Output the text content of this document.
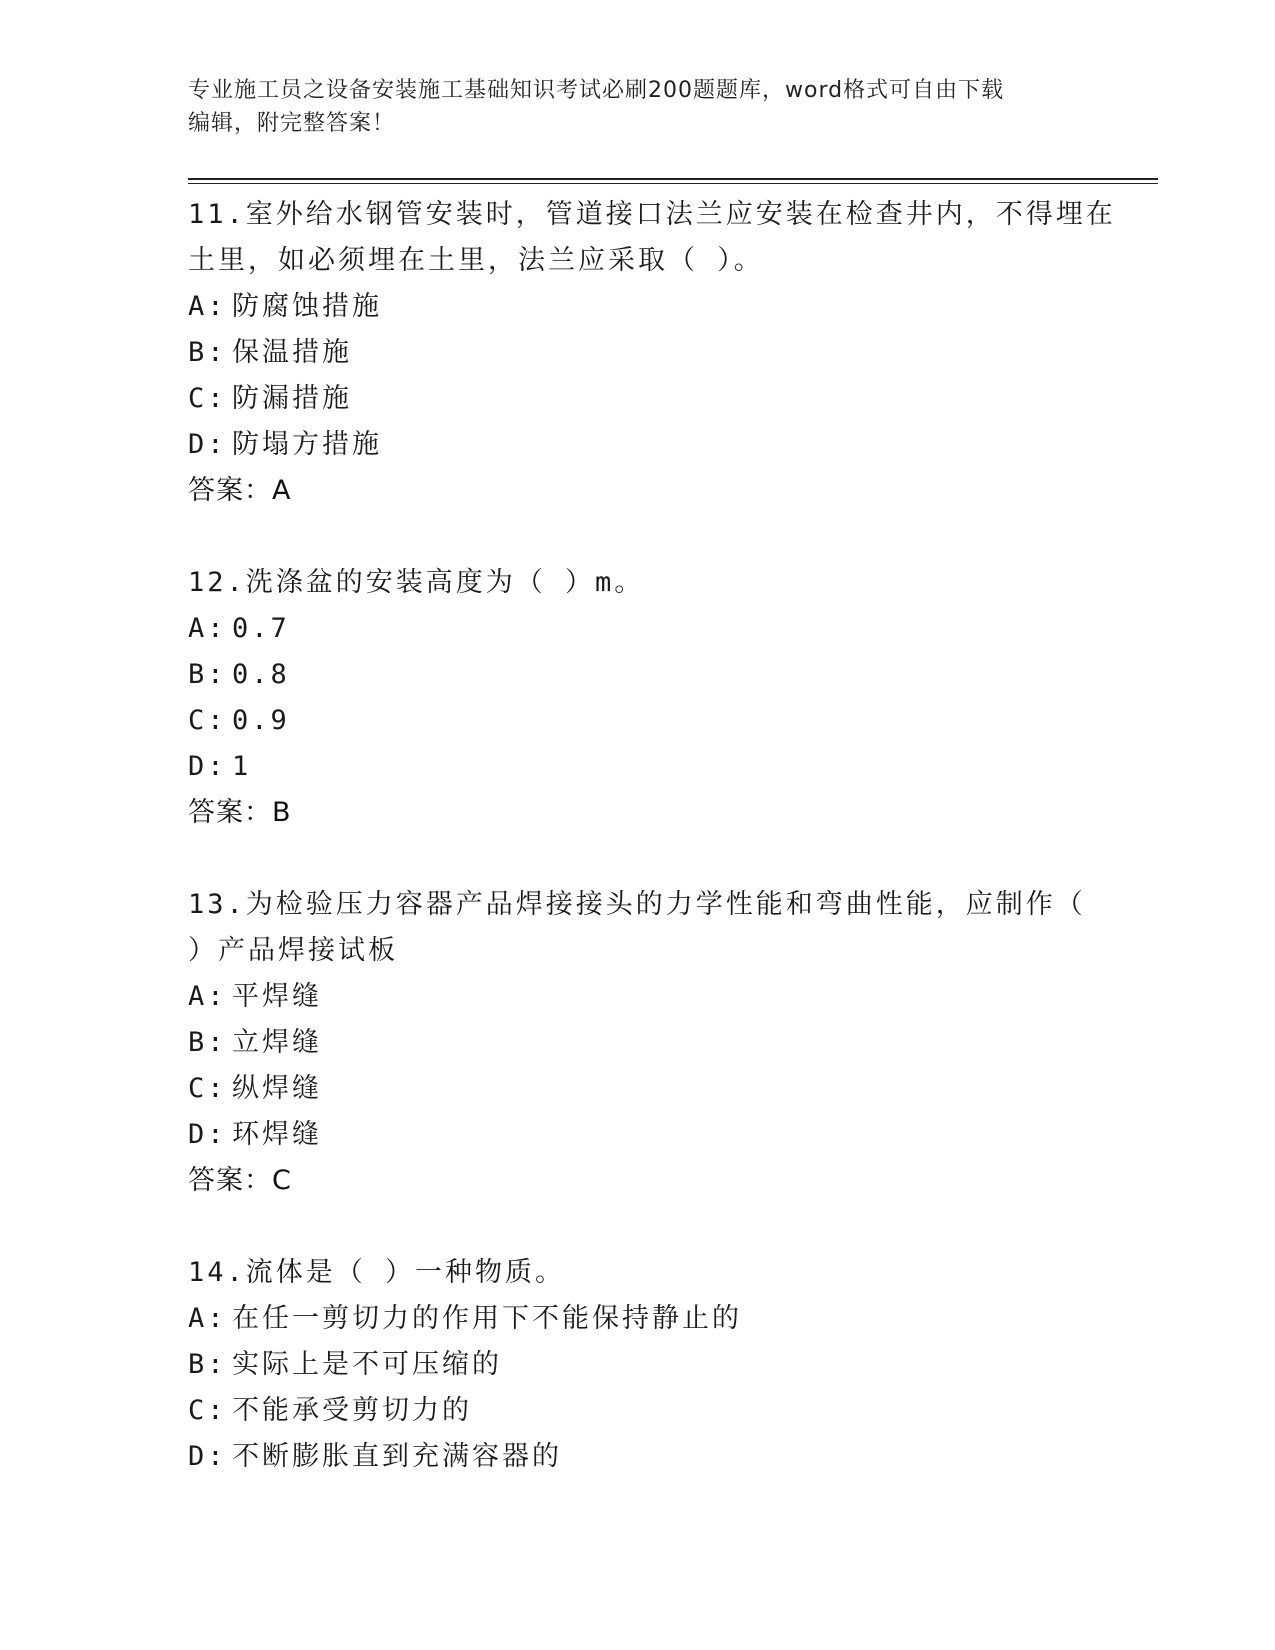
专业施工员之设备安装施工基础知识考试必刷200题题库，word格式可自由下载
编辑，附完整答案！
11.室外给水钢管安装时，管道接口法兰应安装在检查井内，不得埋在
土里，如必须埋在土里，法兰应采取（ ）。
A: 防腐蚀措施
B: 保温措施
C: 防漏措施
D: 防塌方措施
答案：A
12.洗涤盆的安装高度为（ ）m。
A: 0.7
B: 0.8
C: 0.9
D: 1
答案：B
13.为检验压力容器产品焊接接头的力学性能和弯曲性能，应制作（
）产品焊接试板
A: 平焊缝
B: 立焊缝
C: 纵焊缝
D: 环焊缝
答案：C
14.流体是（ ）一种物质。
A: 在任一剪切力的作用下不能保持静止的
B: 实际上是不可压缩的
C: 不能承受剪切力的
D: 不断膨胀直到充满容器的
